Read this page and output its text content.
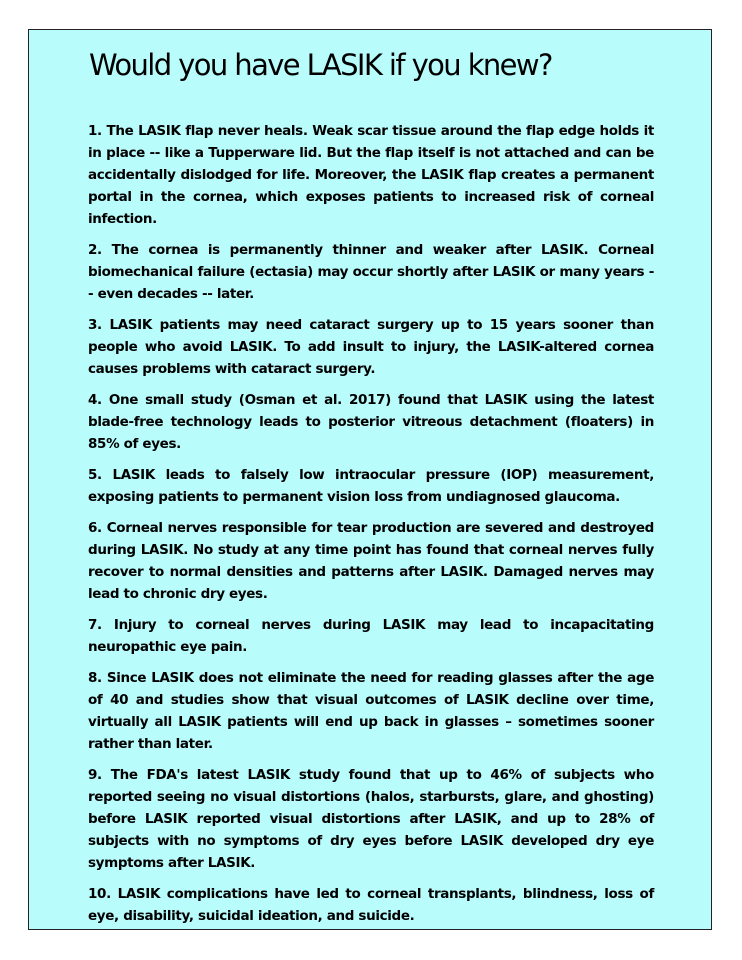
Would you have LASIK if you knew?
1. The LASIK flap never heals. Weak scar tissue around the flap edge holds it in place -- like a Tupperware lid. But the flap itself is not attached and can be accidentally dislodged for life. Moreover, the LASIK flap creates a permanent portal in the cornea, which exposes patients to increased risk of corneal infection.
2. The cornea is permanently thinner and weaker after LASIK. Corneal biomechanical failure (ectasia) may occur shortly after LASIK or many years -- even decades -- later.
3. LASIK patients may need cataract surgery up to 15 years sooner than people who avoid LASIK. To add insult to injury, the LASIK-altered cornea causes problems with cataract surgery.
4. One small study (Osman et al. 2017) found that LASIK using the latest blade-free technology leads to posterior vitreous detachment (floaters) in 85% of eyes.
5. LASIK leads to falsely low intraocular pressure (IOP) measurement, exposing patients to permanent vision loss from undiagnosed glaucoma.
6. Corneal nerves responsible for tear production are severed and destroyed during LASIK. No study at any time point has found that corneal nerves fully recover to normal densities and patterns after LASIK. Damaged nerves may lead to chronic dry eyes.
7. Injury to corneal nerves during LASIK may lead to incapacitating neuropathic eye pain.
8. Since LASIK does not eliminate the need for reading glasses after the age of 40 and studies show that visual outcomes of LASIK decline over time, virtually all LASIK patients will end up back in glasses – sometimes sooner rather than later.
9. The FDA's latest LASIK study found that up to 46% of subjects who reported seeing no visual distortions (halos, starbursts, glare, and ghosting) before LASIK reported visual distortions after LASIK, and up to 28% of subjects with no symptoms of dry eyes before LASIK developed dry eye symptoms after LASIK.
10. LASIK complications have led to corneal transplants, blindness, loss of eye, disability, suicidal ideation, and suicide.
